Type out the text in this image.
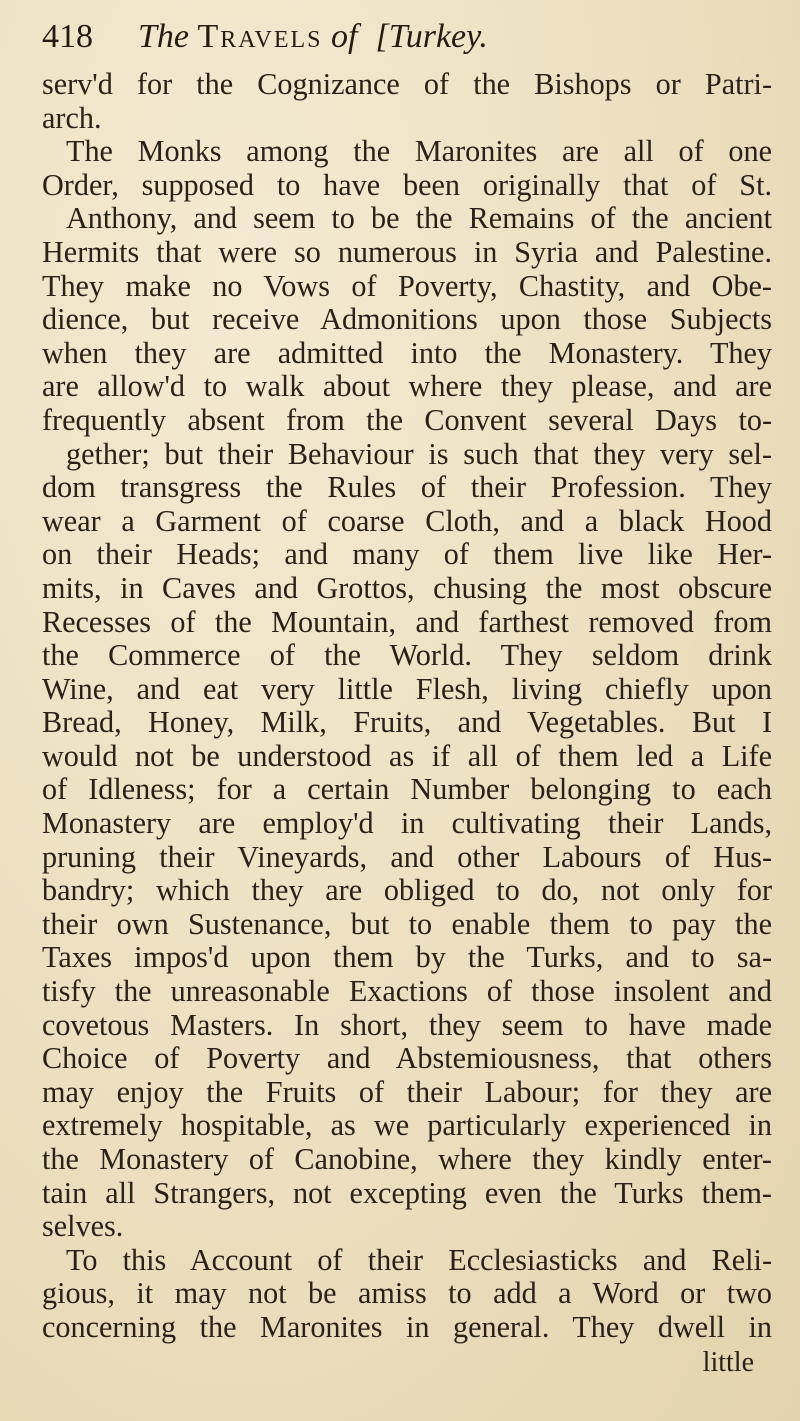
418	The Travels of [Turkey.
serv'd for the Cognizance of the Bishops or Patri-
arch.
The Monks among the Maronites are all of one
Order, supposed to have been originally that of St.
Anthony, and seem to be the Remains of the ancient
Hermits that were so numerous in Syria and Palestine.
They make no Vows of Poverty, Chastity, and Obe-
dience, but receive Admonitions upon those Subjects
when they are admitted into the Monastery. They
are allow'd to walk about where they please, and are
frequently absent from the Convent several Days to-
gether; but their Behaviour is such that they very sel-
dom transgress the Rules of their Profession. They
wear a Garment of coarse Cloth, and a black Hood
on their Heads; and many of them live like Her-
mits, in Caves and Grottos, chusing the most obscure
Recesses of the Mountain, and farthest removed from
the Commerce of the World. They seldom drink
Wine, and eat very little Flesh, living chiefly upon
Bread, Honey, Milk, Fruits, and Vegetables. But I
would not be understood as if all of them led a Life
of Idleness; for a certain Number belonging to each
Monastery are employ'd in cultivating their Lands,
pruning their Vineyards, and other Labours of Hus-
bandry; which they are obliged to do, not only for
their own Sustenance, but to enable them to pay the
Taxes impos'd upon them by the Turks, and to sa-
tisfy the unreasonable Exactions of those insolent and
covetous Masters. In short, they seem to have made
Choice of Poverty and Abstemiousness, that others
may enjoy the Fruits of their Labour; for they are
extremely hospitable, as we particularly experienced in
the Monastery of Canobine, where they kindly enter-
tain all Strangers, not excepting even the Turks them-
selves.
To this Account of their Ecclesiasticks and Reli-
gious, it may not be amiss to add a Word or two
concerning the Maronites in general. They dwell in
little
